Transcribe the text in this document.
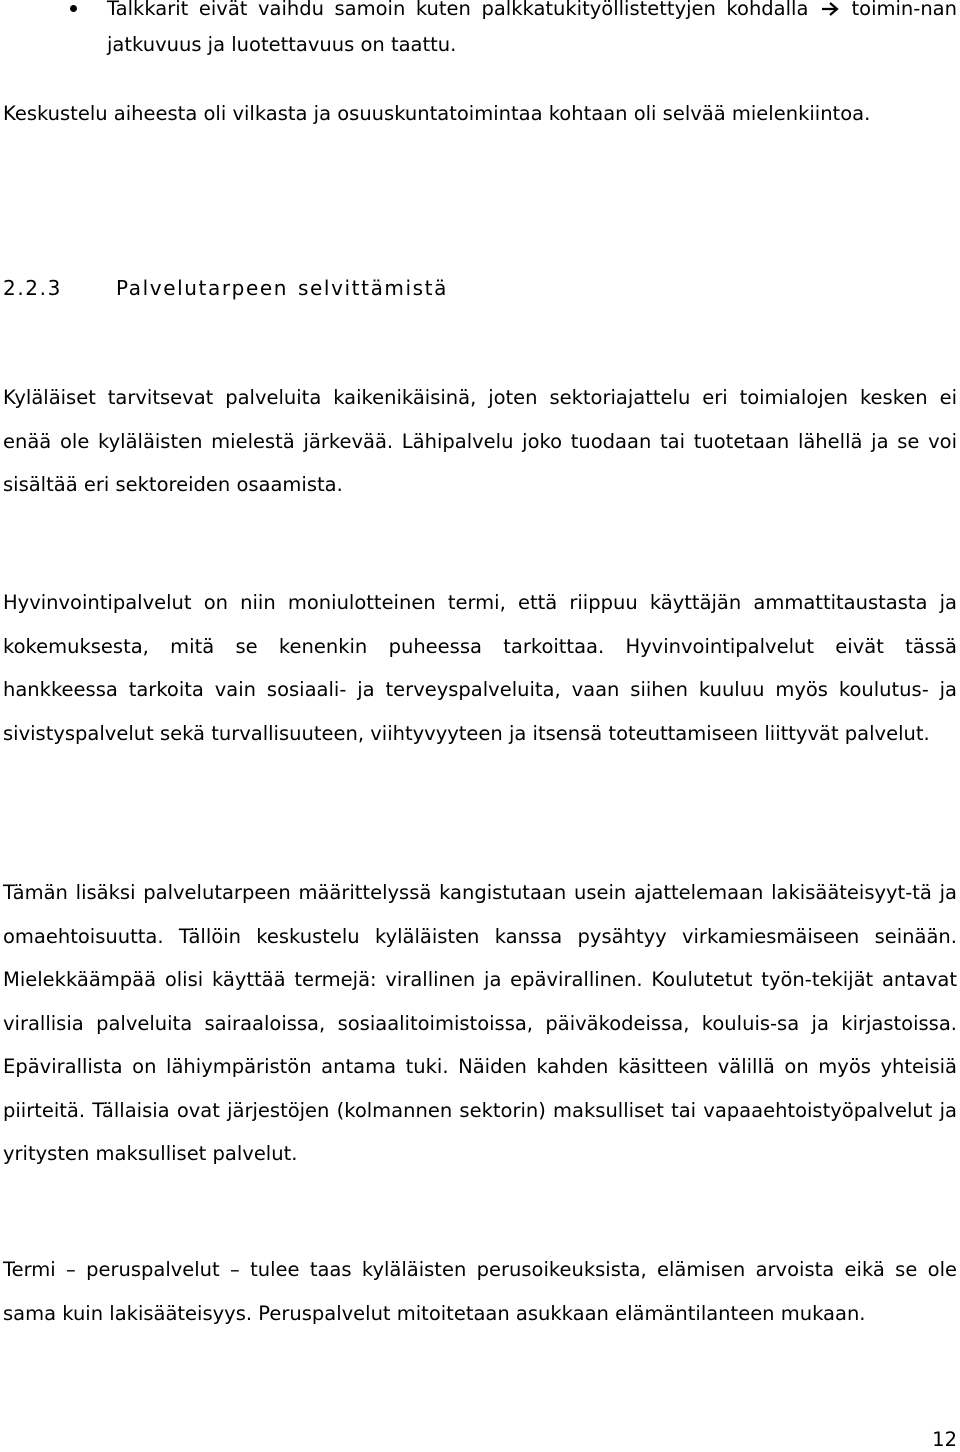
Talkkarit eivät vaihdu samoin kuten palkkatukityöllistettyjen kohdalla toimin-nan jatkuvuus ja luotettavuus on taattu.

Keskustelu aiheesta oli vilkasta ja osuuskuntatoimintaa kohtaan oli selvää mielenkiintoa.

2.2.3	Palvelutarpeen selvittämistä

Kyläläiset tarvitsevat palveluita kaikenikäisinä, joten sektoriajattelu eri toimialojen kesken ei enää ole kyläläisten mielestä järkevää. Lähipalvelu joko tuodaan tai tuotetaan lähellä ja se voi sisältää eri sektoreiden osaamista.

Hyvinvointipalvelut on niin moniulotteinen termi, että riippuu käyttäjän ammattitaustasta ja kokemuksesta, mitä se kenenkin puheessa tarkoittaa. Hyvinvointipalvelut eivät tässä hankkeessa tarkoita vain sosiaali- ja terveyspalveluita, vaan siihen kuuluu myös koulutus- ja sivistyspalvelut sekä turvallisuuteen, viihtyvyyteen ja itsensä toteuttamiseen liittyvät palvelut.

Tämän lisäksi palvelutarpeen määrittelyssä kangistutaan usein ajattelemaan lakisääteisyyt-tä ja omaehtoisuutta. Tällöin keskustelu kyläläisten kanssa pysähtyy virkamiesmäiseen seinään. Mielekkäämpää olisi käyttää termejä: virallinen ja epävirallinen. Koulutetut työn-tekijät antavat virallisia palveluita sairaaloissa, sosiaalitoimistoissa, päiväkodeissa, kouluis-sa ja kirjastoissa. Epävirallista on lähiympäristön antama tuki. Näiden kahden käsitteen välillä on myös yhteisiä piirteitä. Tällaisia ovat järjestöjen (kolmannen sektorin) maksulliset tai vapaaehtoistyöpalvelut ja yritysten maksulliset palvelut.

Termi – peruspalvelut – tulee taas kyläläisten perusoikeuksista, elämisen arvoista eikä se ole sama kuin lakisääteisyys. Peruspalvelut mitoitetaan asukkaan elämäntilanteen mukaan.

12
